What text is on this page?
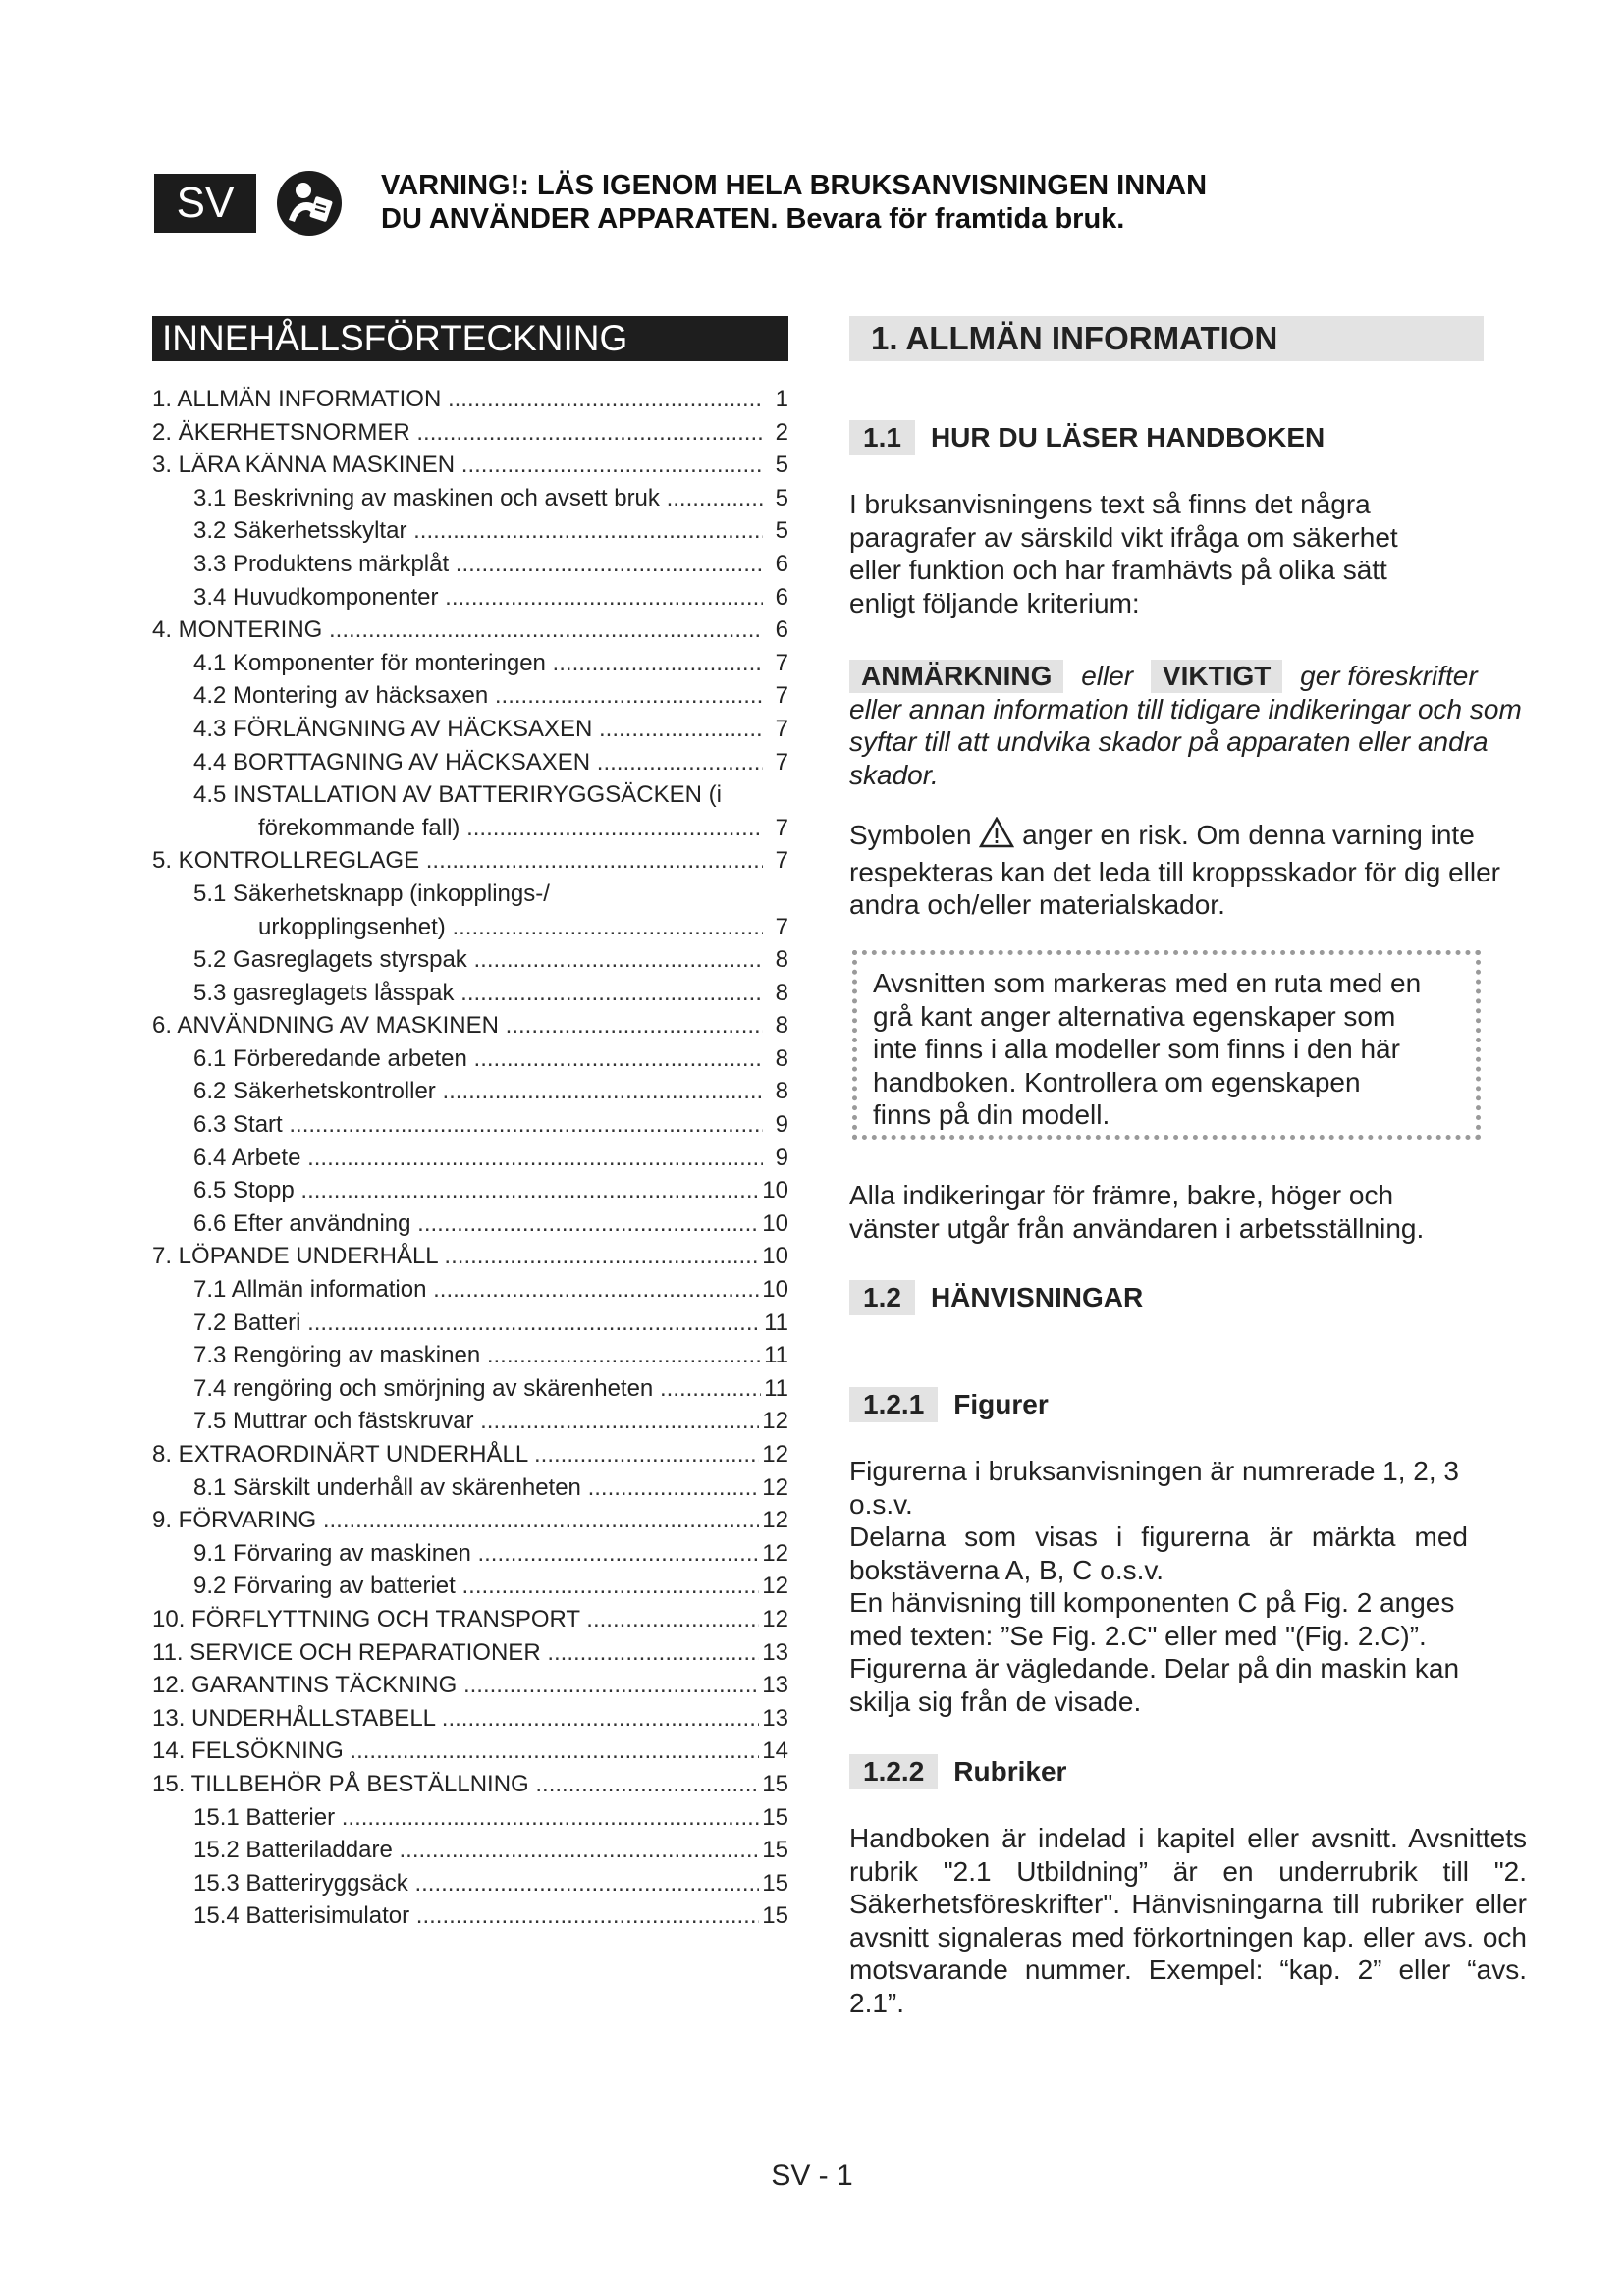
SV	VARNING!: LÄS IGENOM HELA BRUKSANVISNINGEN INNAN
DU ANVÄNDER APPARATEN. Bevara för framtida bruk.
INNEHÅLLSFÖRTECKNING
1. ALLMÄN INFORMATION .....	1
2. ÄKERHETSNORMER .....	2
3. LÄRA KÄNNA MASKINEN .....	5
3.1 Beskrivning av maskinen och avsett bruk .....	5
3.2 Säkerhetsskyltar .....	5
3.3 Produktens märkplåt .....	6
3.4 Huvudkomponenter .....	6
4. MONTERING .....	6
4.1 Komponenter för monteringen .....	7
4.2 Montering av häcksaxen .....	7
4.3 FÖRLÄNGNING AV HÄCKSAXEN .....	7
4.4 BORTTAGNING AV HÄCKSAXEN .....	7
4.5 INSTALLATION AV BATTERIRYGGSÄCKEN (i
förekommande fall) .....	7
5. KONTROLLREGLAGE .....	7
5.1 Säkerhetsknapp (inkopplings-/
urkopplingsenhet) .....	7
5.2 Gasreglagets styrspak .....	8
5.3 gasreglagets låsspak .....	8
6. ANVÄNDNING AV MASKINEN .....	8
6.1 Förberedande arbeten .....	8
6.2 Säkerhetskontroller .....	8
6.3 Start .....	9
6.4 Arbete .....	9
6.5 Stopp .....	10
6.6 Efter användning .....	10
7. LÖPANDE UNDERHÅLL .....	10
7.1 Allmän information .....	10
7.2 Batteri .....	11
7.3 Rengöring av maskinen .....	11
7.4 rengöring och smörjning av skärenheten .....	11
7.5 Muttrar och fästskruvar .....	12
8. EXTRAORDINÄRT UNDERHÅLL .....	12
8.1 Särskilt underhåll av skärenheten .....	12
9. FÖRVARING .....	12
9.1 Förvaring av maskinen .....	12
9.2 Förvaring av batteriet .....	12
10. FÖRFLYTTNING OCH TRANSPORT .....	12
11. SERVICE OCH REPARATIONER .....	13
12. GARANTINS TÄCKNING .....	13
13. UNDERHÅLLSTABELL .....	13
14. FELSÖKNING .....	14
15. TILLBEHÖR PÅ BESTÄLLNING .....	15
15.1 Batterier .....	15
15.2 Batteriladdare .....	15
15.3 Batteriryggsäck .....	15
15.4 Batterisimulator .....	15
1. ALLMÄN INFORMATION
1.1 HUR DU LÄSER HANDBOKEN
I bruksanvisningens text så finns det några paragrafer av särskild vikt ifråga om säkerhet eller funktion och har framhävts på olika sätt enligt följande kriterium:
ANMÄRKNING eller VIKTIGT ger föreskrifter eller annan information till tidigare indikeringar och som syftar till att undvika skador på apparaten eller andra skador.
Symbolen anger en risk. Om denna varning inte respekteras kan det leda till kroppsskador för dig eller andra och/eller materialskador.
Avsnitten som markeras med en ruta med en grå kant anger alternativa egenskaper som inte finns i alla modeller som finns i den här handboken. Kontrollera om egenskapen finns på din modell.
Alla indikeringar för främre, bakre, höger och vänster utgår från användaren i arbetsställning.
1.2 HÄNVISNINGAR
1.2.1 Figurer
Figurerna i bruksanvisningen är numrerade 1, 2, 3 o.s.v.
Delarna som visas i figurerna är märkta med bokstäverna A, B, C o.s.v.
En hänvisning till komponenten C på Fig. 2 anges med texten: ”Se Fig. 2.C" eller med "(Fig. 2.C)”.
Figurerna är vägledande. Delar på din maskin kan skilja sig från de visade.
1.2.2 Rubriker
Handboken är indelad i kapitel eller avsnitt. Avsnittets rubrik "2.1 Utbildning” är en underrubrik till "2. Säkerhetsföreskrifter". Hänvisningarna till rubriker eller avsnitt signaleras med förkortningen kap. eller avs. och motsvarande nummer. Exempel: “kap. 2” eller “avs. 2.1”.
SV - 1
